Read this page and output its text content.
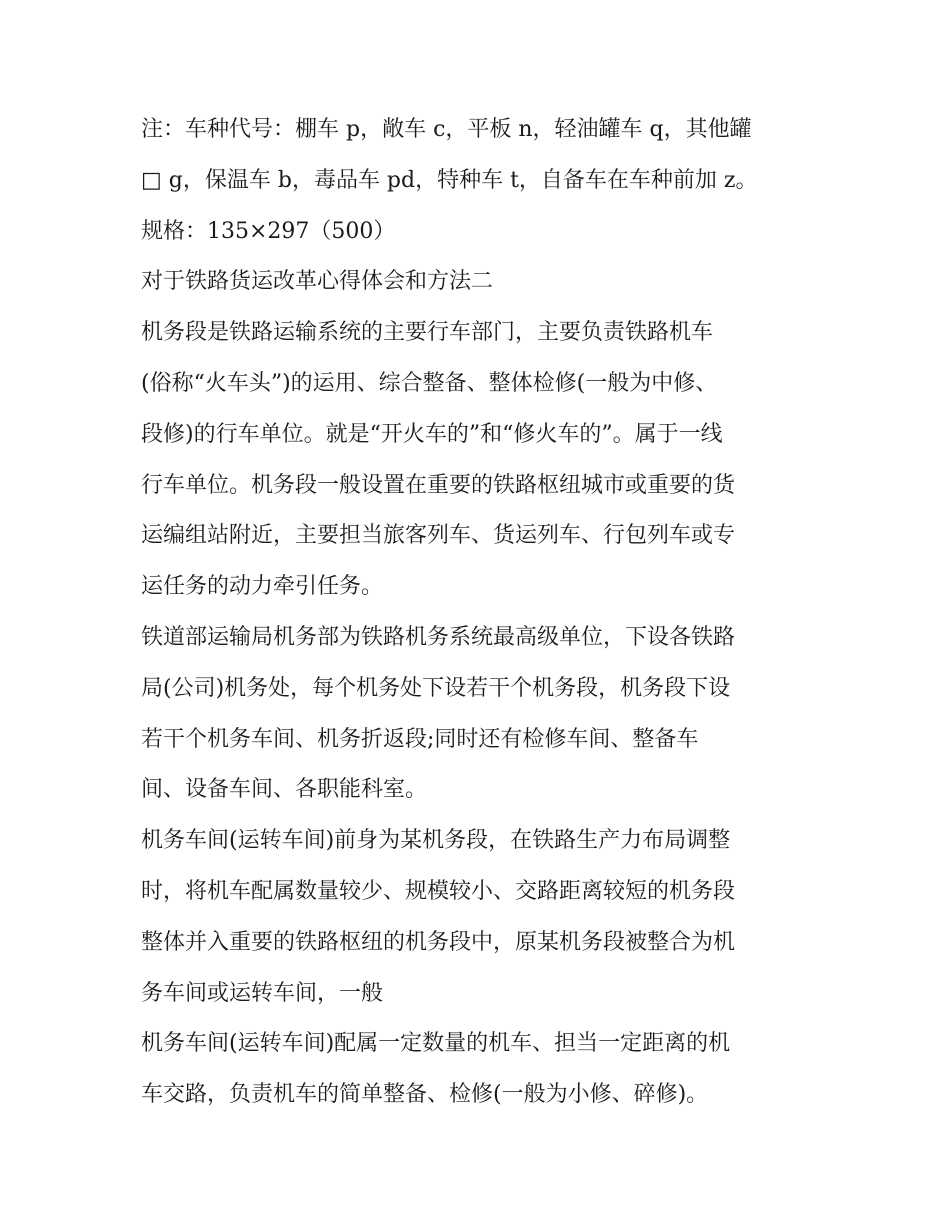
注：车种代号：棚车 p，敞车 c，平板 n，轻油罐车 q，其他罐
□ g，保温车 b，毒品车 pd，特种车 t，自备车在车种前加 z。
规格：135×297（500）
对于铁路货运改革心得体会和方法二
机务段是铁路运输系统的主要行车部门，主要负责铁路机车
(俗称“火车头”)的运用、综合整备、整体检修(一般为中修、
段修)的行车单位。就是“开火车的”和“修火车的”。属于一线
行车单位。机务段一般设置在重要的铁路枢纽城市或重要的货
运编组站附近，主要担当旅客列车、货运列车、行包列车或专
运任务的动力牵引任务。
铁道部运输局机务部为铁路机务系统最高级单位，下设各铁路
局(公司)机务处，每个机务处下设若干个机务段，机务段下设
若干个机务车间、机务折返段;同时还有检修车间、整备车
间、设备车间、各职能科室。
机务车间(运转车间)前身为某机务段，在铁路生产力布局调整
时，将机车配属数量较少、规模较小、交路距离较短的机务段
整体并入重要的铁路枢纽的机务段中，原某机务段被整合为机
务车间或运转车间，一般
机务车间(运转车间)配属一定数量的机车、担当一定距离的机
车交路，负责机车的简单整备、检修(一般为小修、碎修)。
